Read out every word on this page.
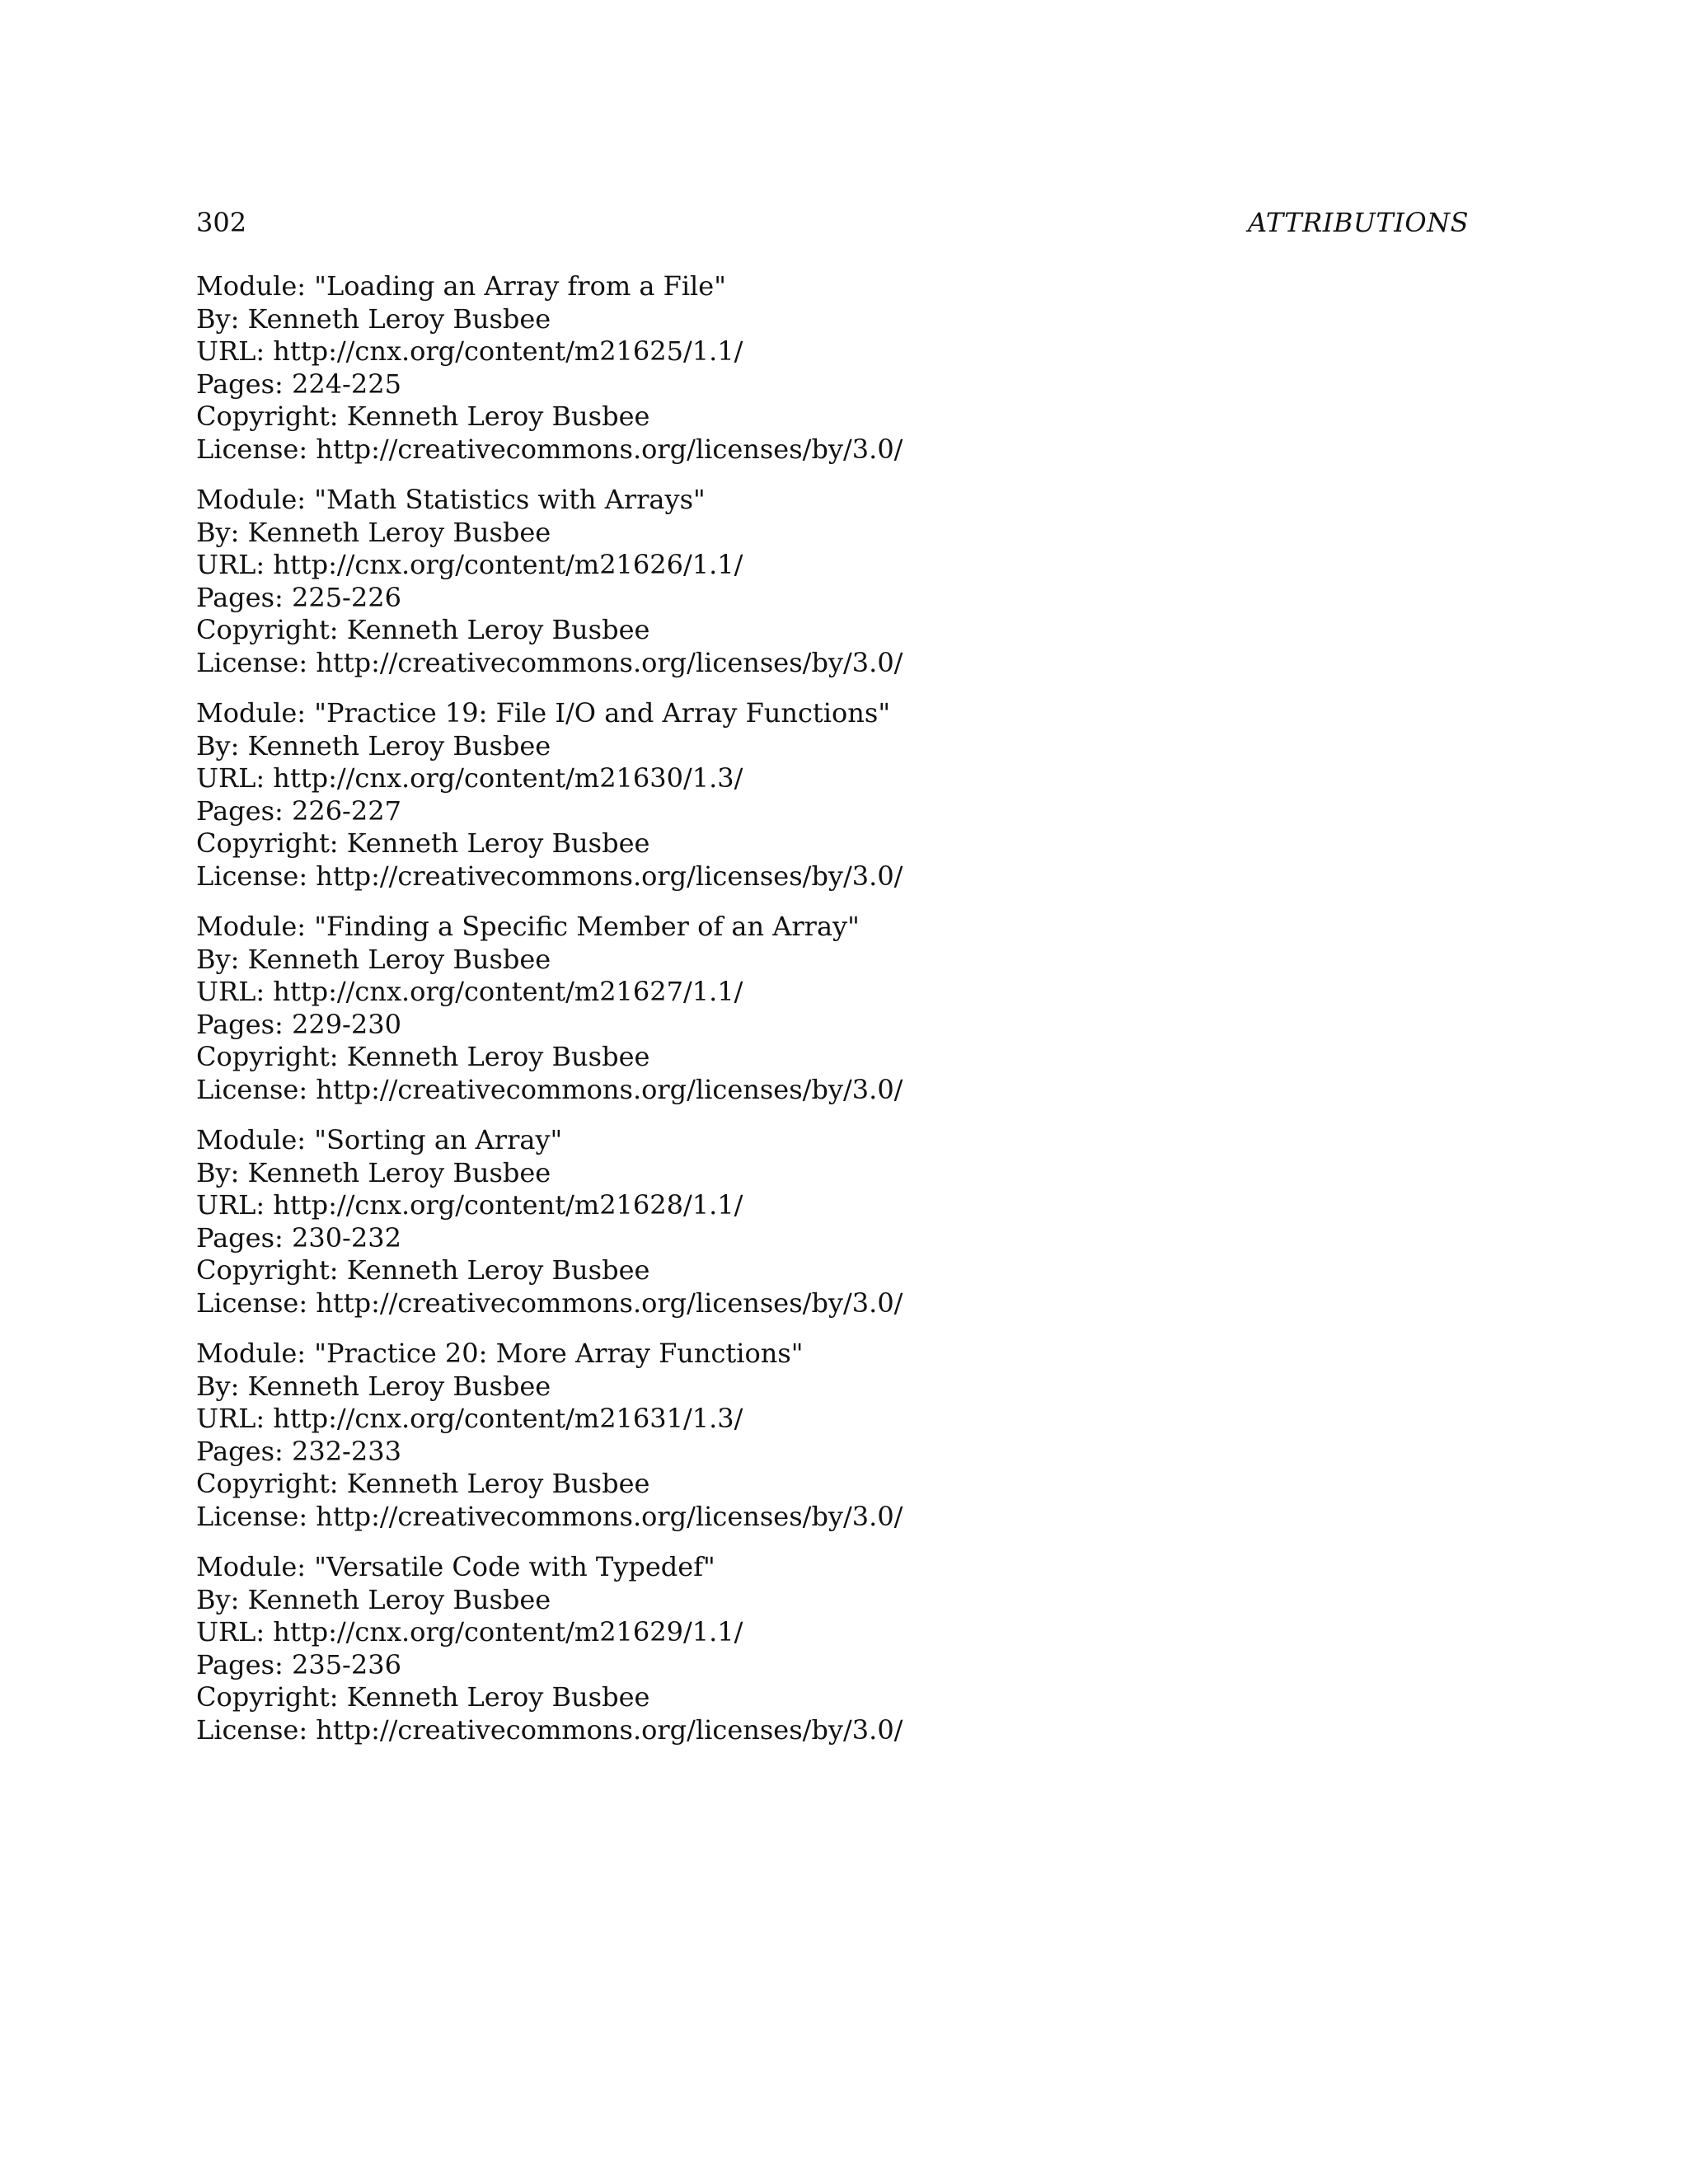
302	ATTRIBUTIONS
Module: "Loading an Array from a File"
By: Kenneth Leroy Busbee
URL: http://cnx.org/content/m21625/1.1/
Pages: 224-225
Copyright: Kenneth Leroy Busbee
License: http://creativecommons.org/licenses/by/3.0/
Module: "Math Statistics with Arrays"
By: Kenneth Leroy Busbee
URL: http://cnx.org/content/m21626/1.1/
Pages: 225-226
Copyright: Kenneth Leroy Busbee
License: http://creativecommons.org/licenses/by/3.0/
Module: "Practice 19: File I/O and Array Functions"
By: Kenneth Leroy Busbee
URL: http://cnx.org/content/m21630/1.3/
Pages: 226-227
Copyright: Kenneth Leroy Busbee
License: http://creativecommons.org/licenses/by/3.0/
Module: "Finding a Specific Member of an Array"
By: Kenneth Leroy Busbee
URL: http://cnx.org/content/m21627/1.1/
Pages: 229-230
Copyright: Kenneth Leroy Busbee
License: http://creativecommons.org/licenses/by/3.0/
Module: "Sorting an Array"
By: Kenneth Leroy Busbee
URL: http://cnx.org/content/m21628/1.1/
Pages: 230-232
Copyright: Kenneth Leroy Busbee
License: http://creativecommons.org/licenses/by/3.0/
Module: "Practice 20: More Array Functions"
By: Kenneth Leroy Busbee
URL: http://cnx.org/content/m21631/1.3/
Pages: 232-233
Copyright: Kenneth Leroy Busbee
License: http://creativecommons.org/licenses/by/3.0/
Module: "Versatile Code with Typedef"
By: Kenneth Leroy Busbee
URL: http://cnx.org/content/m21629/1.1/
Pages: 235-236
Copyright: Kenneth Leroy Busbee
License: http://creativecommons.org/licenses/by/3.0/
